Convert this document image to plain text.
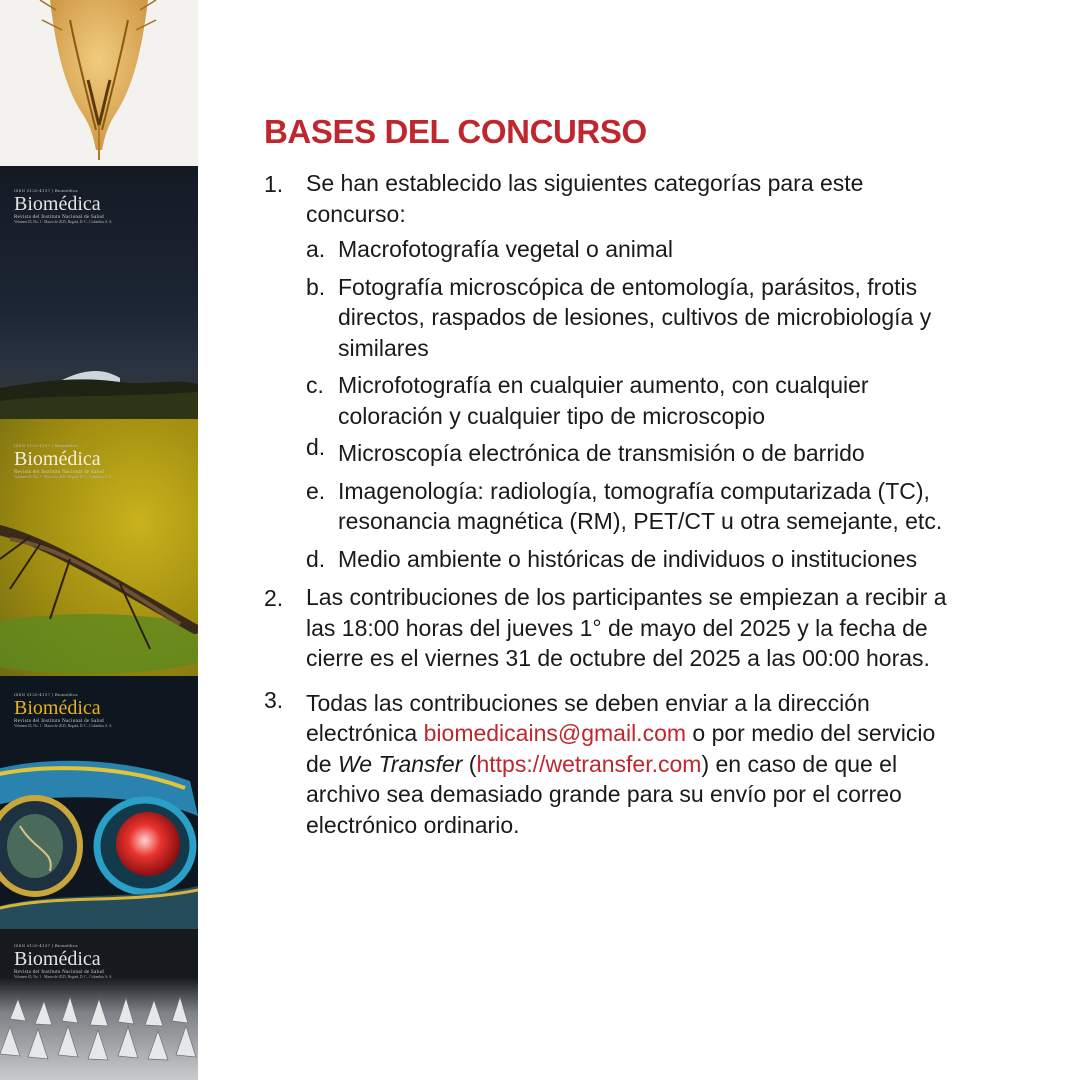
ISSN 0120-4157 | Biomédica
Biomédica
Revista del Instituto Nacional de Salud
Volumen 45, No. 1 · Marzo de 2025, Bogotá, D. C., Colombia, S. A.
ISSN 0120-4157 | Biomédica
Biomédica
Revista del Instituto Nacional de Salud
Volumen 45, No. 1 · Marzo de 2025, Bogotá, D. C., Colombia, S. A.
ISSN 0120-4157 | Biomédica
Biomédica
Revista del Instituto Nacional de Salud
Volumen 45, No. 1 · Marzo de 2025, Bogotá, D. C., Colombia, S. A.
ISSN 0120-4157 | Biomédica
Biomédica
Revista del Instituto Nacional de Salud
Volumen 45, No. 1 · Marzo de 2025, Bogotá, D. C., Colombia, S. A.
BASES DEL CONCURSO
1. Se han establecido las siguientes categorías para este concurso:
a. Macrofotografía vegetal o animal
b. Fotografía microscópica de entomología, parásitos, frotis directos, raspados de lesiones, cultivos de microbiología y similares
c. Microfotografía en cualquier aumento, con cualquier coloración y cualquier tipo de microscopio
d. Microscopía electrónica de transmisión o de barrido
e. Imagenología: radiología, tomografía computarizada (TC), resonancia magnética (RM), PET/CT u otra semejante, etc.
d. Medio ambiente o históricas de individuos o instituciones
2. Las contribuciones de los participantes se empiezan a recibir a las 18:00 horas del jueves 1° de mayo del 2025 y la fecha de cierre es el viernes 31 de octubre del 2025 a las 00:00 horas.
3. Todas las contribuciones se deben enviar a la dirección electrónica biomedicains@gmail.com o por medio del servicio de We Transfer (https://wetransfer.com) en caso de que el archivo sea demasiado grande para su envío por el correo electrónico ordinario.
